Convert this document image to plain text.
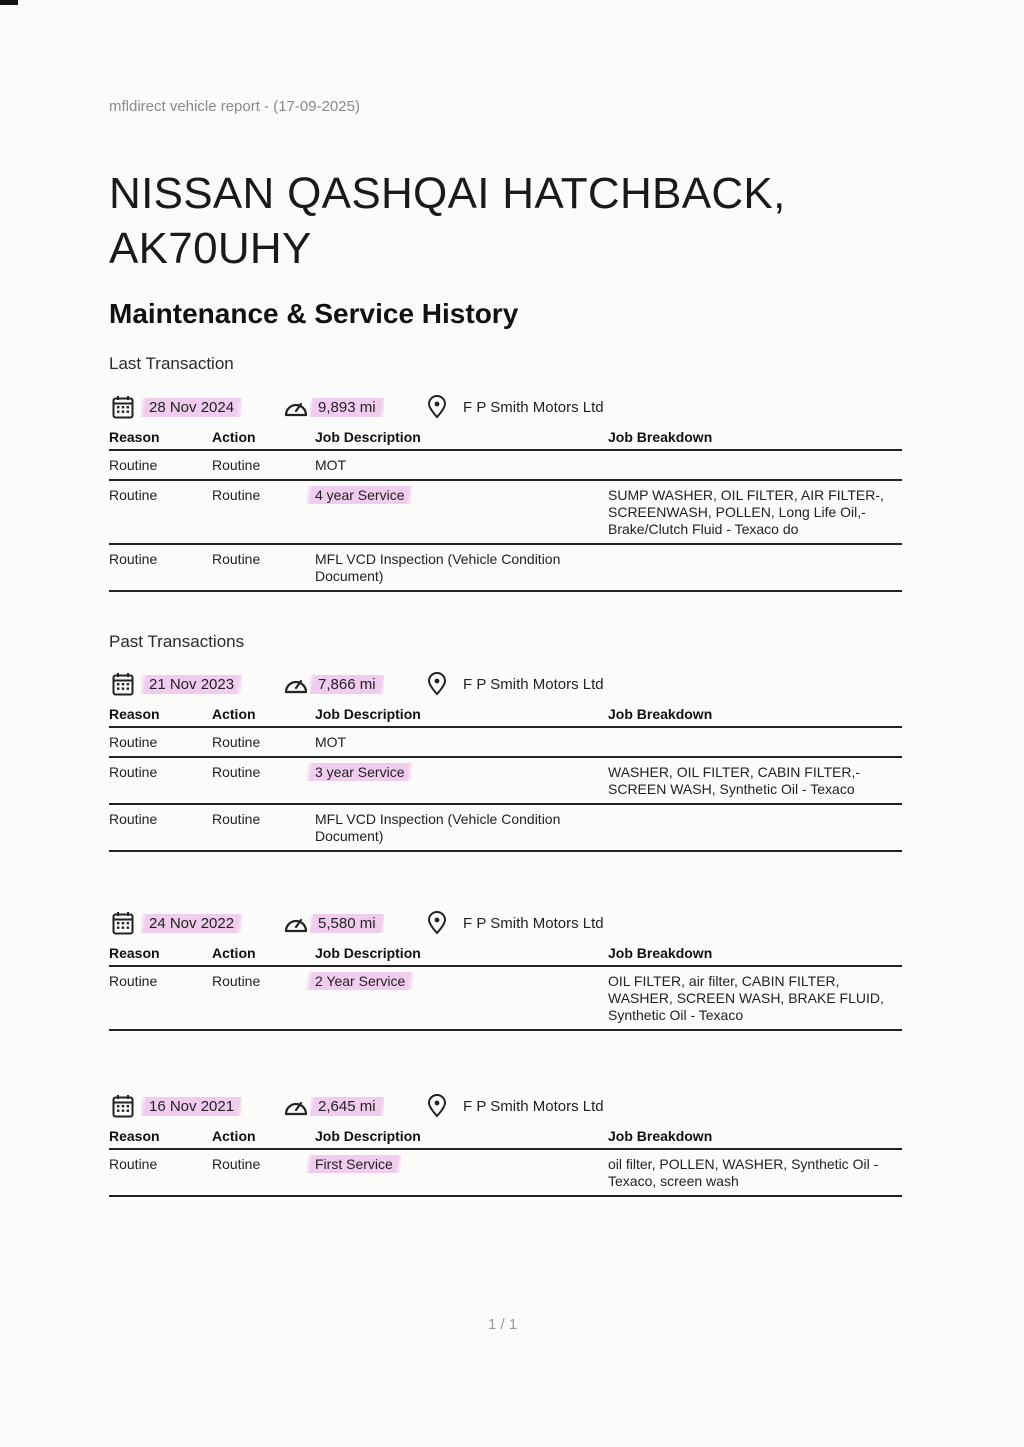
mfldirect vehicle report - (17-09-2025)
NISSAN QASHQAI HATCHBACK,
AK70UHY
Maintenance & Service History
Last Transaction
Past Transactions
28 Nov 2024	9,893 mi	F P Smith Motors Ltd
Reason	Action	Job Description	Job Breakdown
Routine	Routine	MOT	
Routine	Routine	4 year Service	SUMP WASHER, OIL FILTER, AIR FILTER-, SCREENWASH, POLLEN, Long Life Oil,-Brake/Clutch Fluid - Texaco do
Routine	Routine	MFL VCD Inspection (Vehicle Condition Document)	
21 Nov 2023	7,866 mi	F P Smith Motors Ltd
Reason	Action	Job Description	Job Breakdown
Routine	Routine	MOT	
Routine	Routine	3 year Service	WASHER, OIL FILTER, CABIN FILTER,-SCREEN WASH, Synthetic Oil - Texaco
Routine	Routine	MFL VCD Inspection (Vehicle Condition Document)	
24 Nov 2022	5,580 mi	F P Smith Motors Ltd
Reason	Action	Job Description	Job Breakdown
Routine	Routine	2 Year Service	OIL FILTER, air filter, CABIN FILTER, WASHER, SCREEN WASH, BRAKE FLUID, Synthetic Oil - Texaco
16 Nov 2021	2,645 mi	F P Smith Motors Ltd
Reason	Action	Job Description	Job Breakdown
Routine	Routine	First Service	oil filter, POLLEN, WASHER, Synthetic Oil - Texaco, screen wash
1 / 1
